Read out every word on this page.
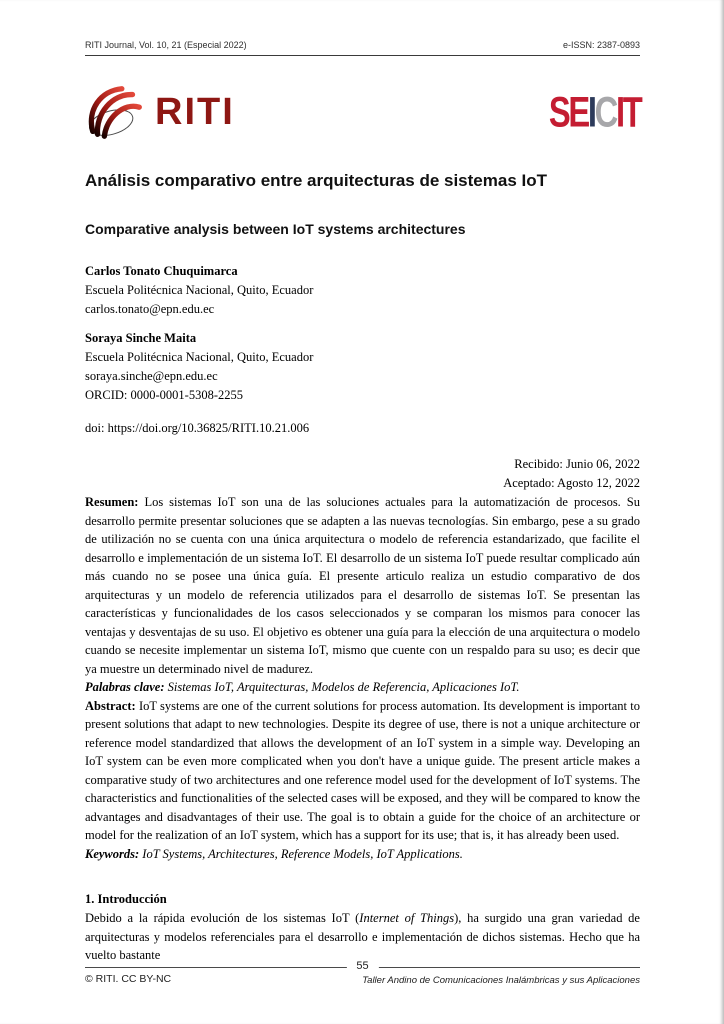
RITI Journal, Vol. 10, 21 (Especial 2022)	e-ISSN: 2387-0893
RITI	SEICIT
Análisis comparativo entre arquitecturas de sistemas IoT
Comparative analysis between IoT systems architectures
Carlos Tonato Chuquimarca
Escuela Politécnica Nacional, Quito, Ecuador
carlos.tonato@epn.edu.ec
Soraya Sinche Maita
Escuela Politécnica Nacional, Quito, Ecuador
soraya.sinche@epn.edu.ec
ORCID: 0000-0001-5308-2255
doi: https://doi.org/10.36825/RITI.10.21.006
Recibido: Junio 06, 2022
Aceptado: Agosto 12, 2022

Resumen: Los sistemas IoT son una de las soluciones actuales para la automatización de procesos. Su desarrollo permite presentar soluciones que se adapten a las nuevas tecnologías. Sin embargo, pese a su grado de utilización no se cuenta con una única arquitectura o modelo de referencia estandarizado, que facilite el desarrollo e implementación de un sistema IoT. El desarrollo de un sistema IoT puede resultar complicado aún más cuando no se posee una única guía. El presente articulo realiza un estudio comparativo de dos arquitecturas y un modelo de referencia utilizados para el desarrollo de sistemas IoT. Se presentan las características y funcionalidades de los casos seleccionados y se comparan los mismos para conocer las ventajas y desventajas de su uso. El objetivo es obtener una guía para la elección de una arquitectura o modelo cuando se necesite implementar un sistema IoT, mismo que cuente con un respaldo para su uso; es decir que ya muestre un determinado nivel de madurez.

Palabras clave: Sistemas IoT, Arquitecturas, Modelos de Referencia, Aplicaciones IoT.

Abstract: IoT systems are one of the current solutions for process automation. Its development is important to present solutions that adapt to new technologies. Despite its degree of use, there is not a unique architecture or reference model standardized that allows the development of an IoT system in a simple way. Developing an IoT system can be even more complicated when you don't have a unique guide. The present article makes a comparative study of two architectures and one reference model used for the development of IoT systems. The characteristics and functionalities of the selected cases will be exposed, and they will be compared to know the advantages and disadvantages of their use. The goal is to obtain a guide for the choice of an architecture or model for the realization of an IoT system, which has a support for its use; that is, it has already been used.

Keywords: IoT Systems, Architectures, Reference Models, IoT Applications.

1. Introducción

Debido a la rápida evolución de los sistemas IoT (Internet of Things), ha surgido una gran variedad de arquitecturas y modelos referenciales para el desarrollo e implementación de dichos sistemas. Hecho que ha vuelto bastante

55
© RITI. CC BY-NC	Taller Andino de Comunicaciones Inalámbricas y sus Aplicaciones
